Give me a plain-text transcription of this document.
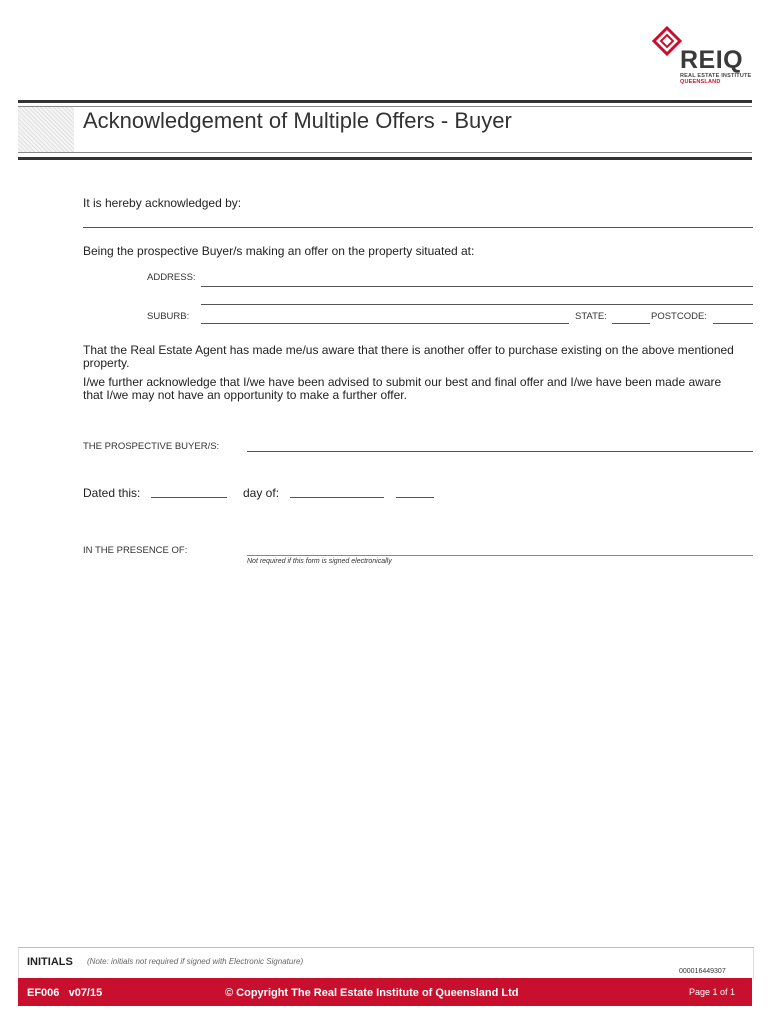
REIQ
REAL ESTATE INSTITUTE
QUEENSLAND
Acknowledgement of Multiple Offers - Buyer
It is hereby acknowledged by:
Being the prospective Buyer/s making an offer on the property situated at:
ADDRESS:
SUBURB:	STATE:	POSTCODE:
That the Real Estate Agent has made me/us aware that there is another offer to purchase existing on the above mentioned property.
I/we further acknowledge that I/we have been advised to submit our best and final offer and I/we have been made aware that I/we may not have an opportunity to make a further offer.
THE PROSPECTIVE BUYER/S:
Dated this:	day of:
IN THE PRESENCE OF:
Not required if this form is signed electronically
INITIALS (Note: initials not required if signed with Electronic Signature)
000016449307
EF006   v07/15	© Copyright The Real Estate Institute of Queensland Ltd	Page 1 of 1
